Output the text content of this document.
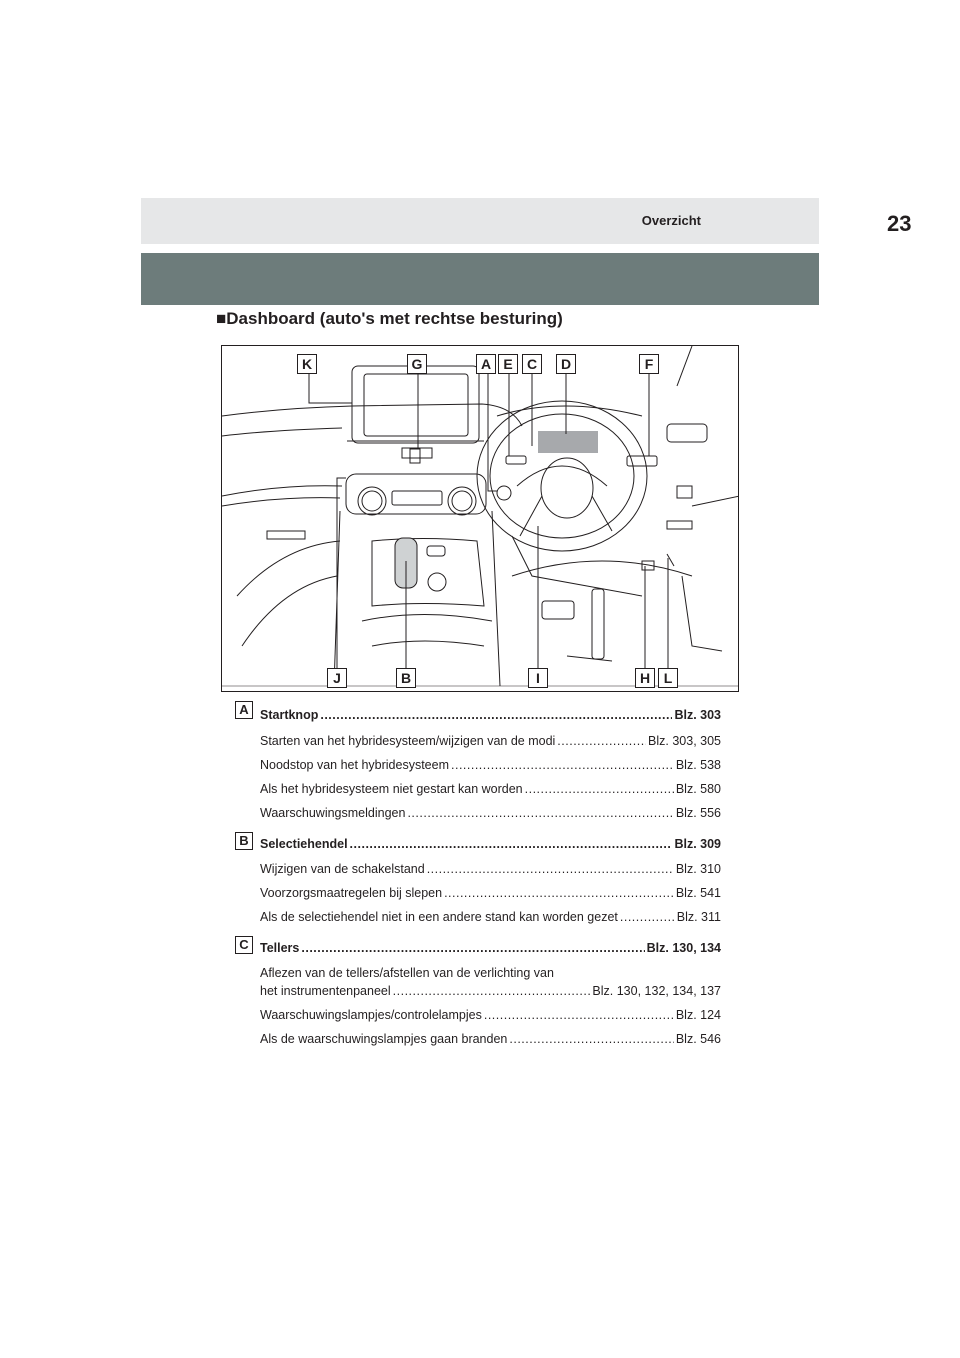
Overzicht	23
■Dashboard (auto's met rechtse besturing)
K	G	A E	C	D	F
J	B	I	H L
A Startknop .....	Blz. 303
Starten van het hybridesysteem/wijzigen van de modi .....	Blz. 303, 305
Noodstop van het hybridesysteem .....	Blz. 538
Als het hybridesysteem niet gestart kan worden .....	Blz. 580
Waarschuwingsmeldingen .....	Blz. 556
B Selectiehendel .....	Blz. 309
Wijzigen van de schakelstand .....	Blz. 310
Voorzorgsmaatregelen bij slepen .....	Blz. 541
Als de selectiehendel niet in een andere stand kan worden gezet .....	Blz. 311
C Tellers .....	Blz. 130, 134
Aflezen van de tellers/afstellen van de verlichting van
het instrumentenpaneel .....	Blz. 130, 132, 134, 137
Waarschuwingslampjes/controlelampjes .....	Blz. 124
Als de waarschuwingslampjes gaan branden .....	Blz. 546
